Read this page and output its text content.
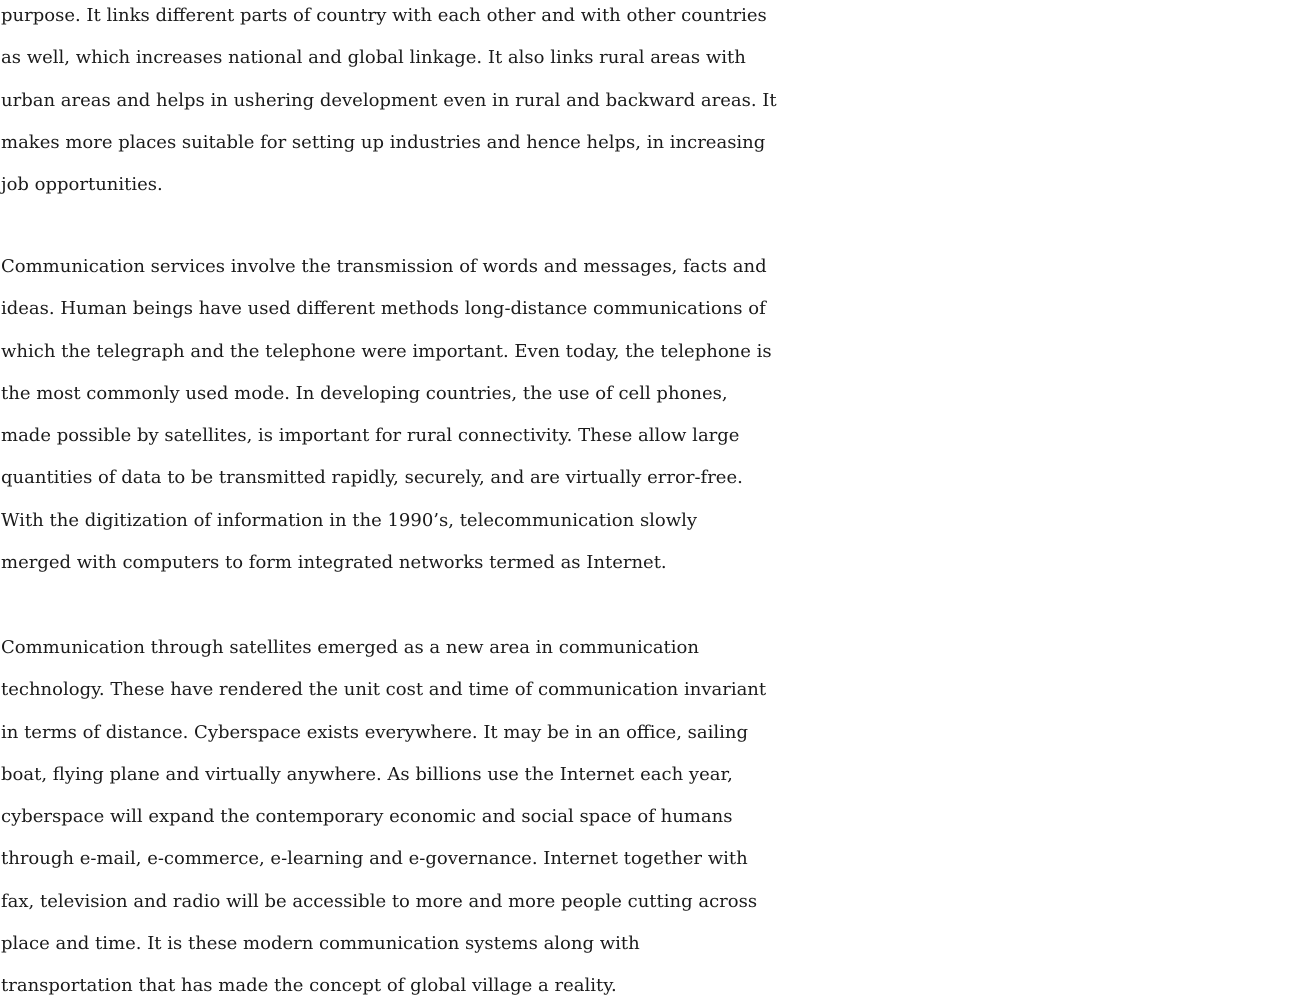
purpose. It links different parts of country with each other and with other countries
as well, which increases national and global linkage. It also links rural areas with
urban areas and helps in ushering development even in rural and backward areas. It
makes more places suitable for setting up industries and hence helps, in increasing
job opportunities.
Communication services involve the transmission of words and messages, facts and
ideas. Human beings have used different methods long-distance communications of
which the telegraph and the telephone were important. Even today, the telephone is
the most commonly used mode. In developing countries, the use of cell phones,
made possible by satellites, is important for rural connectivity. These allow large
quantities of data to be transmitted rapidly, securely, and are virtually error-free.
With the digitization of information in the 1990’s, telecommunication slowly
merged with computers to form integrated networks termed as Internet.
Communication through satellites emerged as a new area in communication
technology. These have rendered the unit cost and time of communication invariant
in terms of distance. Cyberspace exists everywhere. It may be in an office, sailing
boat, flying plane and virtually anywhere. As billions use the Internet each year,
cyberspace will expand the contemporary economic and social space of humans
through e-mail, e-commerce, e-learning and e-governance. Internet together with
fax, television and radio will be accessible to more and more people cutting across
place and time. It is these modern communication systems along with
transportation that has made the concept of global village a reality.
